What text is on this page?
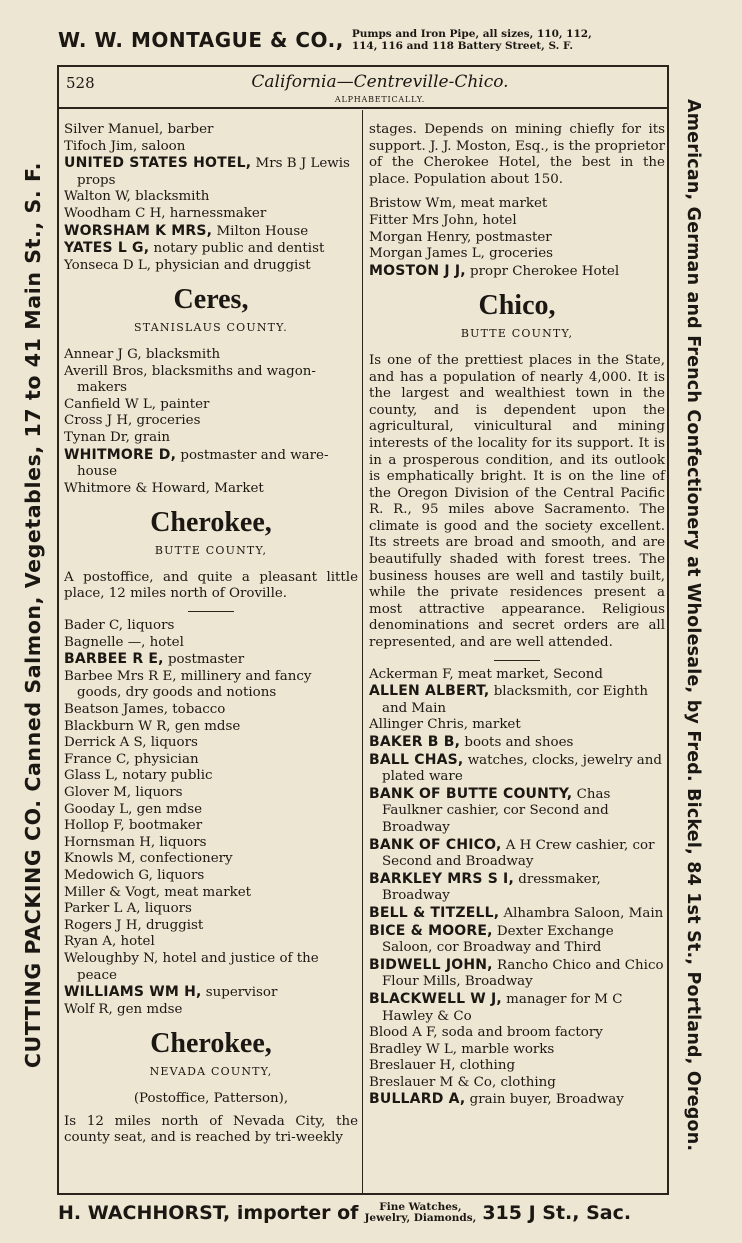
W. W. MONTAGUE & CO., Pumps and Iron Pipe, all sizes, 110, 112,
114, 116 and 118 Battery Street, S. F.
CUTTING PACKING CO. Canned Salmon, Vegetables, 17 to 41 Main St., S. F.	American, German and French Confectionery at Wholesale, by Fred. Bickel, 84 1st St., Portland, Oregon.
528	California—Centreville-Chico.
ALPHABETICALLY.
Silver Manuel, barber
Tifoch Jim, saloon
UNITED STATES HOTEL, Mrs B J Lewis props
Walton W, blacksmith
Woodham C H, harnessmaker
WORSHAM K MRS, Milton House
YATES L G, notary public and dentist
Yonseca D L, physician and druggist
Ceres,
STANISLAUS COUNTY.
Annear J G, blacksmith
Averill Bros, blacksmiths and wagon-makers
Canfield W L, painter
Cross J H, groceries
Tynan Dr, grain
WHITMORE D, postmaster and ware-house
Whitmore & Howard, Market
Cherokee,
BUTTE COUNTY,
A postoffice, and quite a pleasant little place, 12 miles north of Oroville.
Bader C, liquors
Bagnelle —, hotel
BARBEE R E, postmaster
Barbee Mrs R E, millinery and fancy goods, dry goods and notions
Beatson James, tobacco
Blackburn W R, gen mdse
Derrick A S, liquors
France C, physician
Glass L, notary public
Glover M, liquors
Gooday L, gen mdse
Hollop F, bootmaker
Hornsman H, liquors
Knowls M, confectionery
Medowich G, liquors
Miller & Vogt, meat market
Parker L A, liquors
Rogers J H, druggist
Ryan A, hotel
Weloughby N, hotel and justice of the peace
WILLIAMS WM H, supervisor
Wolf R, gen mdse
Cherokee,
NEVADA COUNTY,
(Postoffice, Patterson),
Is 12 miles north of Nevada City, the county seat, and is reached by tri-weekly
stages. Depends on mining chiefly for its support. J. J. Moston, Esq., is the proprietor of the Cherokee Hotel, the best in the place. Population about 150.
Bristow Wm, meat market
Fitter Mrs John, hotel
Morgan Henry, postmaster
Morgan James L, groceries
MOSTON J J, propr Cherokee Hotel
Chico,
BUTTE COUNTY,
Is one of the prettiest places in the State, and has a population of nearly 4,000. It is the largest and wealthiest town in the county, and is dependent upon the agricultural, vinicultural and mining interests of the locality for its support. It is in a prosperous condition, and its outlook is emphatically bright. It is on the line of the Oregon Division of the Central Pacific R. R., 95 miles above Sacramento. The climate is good and the society excellent. Its streets are broad and smooth, and are beautifully shaded with forest trees. The business houses are well and tastily built, while the private residences present a most attractive appearance. Religious denominations and secret orders are all represented, and are well attended.
Ackerman F, meat market, Second
ALLEN ALBERT, blacksmith, cor Eighth and Main
Allinger Chris, market
BAKER B B, boots and shoes
BALL CHAS, watches, clocks, jewelry and plated ware
BANK OF BUTTE COUNTY, Chas Faulkner cashier, cor Second and Broadway
BANK OF CHICO, A H Crew cashier, cor Second and Broadway
BARKLEY MRS S I, dressmaker, Broadway
BELL & TITZELL, Alhambra Saloon, Main
BICE & MOORE, Dexter Exchange Saloon, cor Broadway and Third
BIDWELL JOHN, Rancho Chico and Chico Flour Mills, Broadway
BLACKWELL W J, manager for M C Hawley & Co
Blood A F, soda and broom factory
Bradley W L, marble works
Breslauer H, clothing
Breslauer M & Co, clothing
BULLARD A, grain buyer, Broadway
H. WACHHORST, importer of	Fine Watches,
Jewelry, Diamonds, 315 J St., Sac.
